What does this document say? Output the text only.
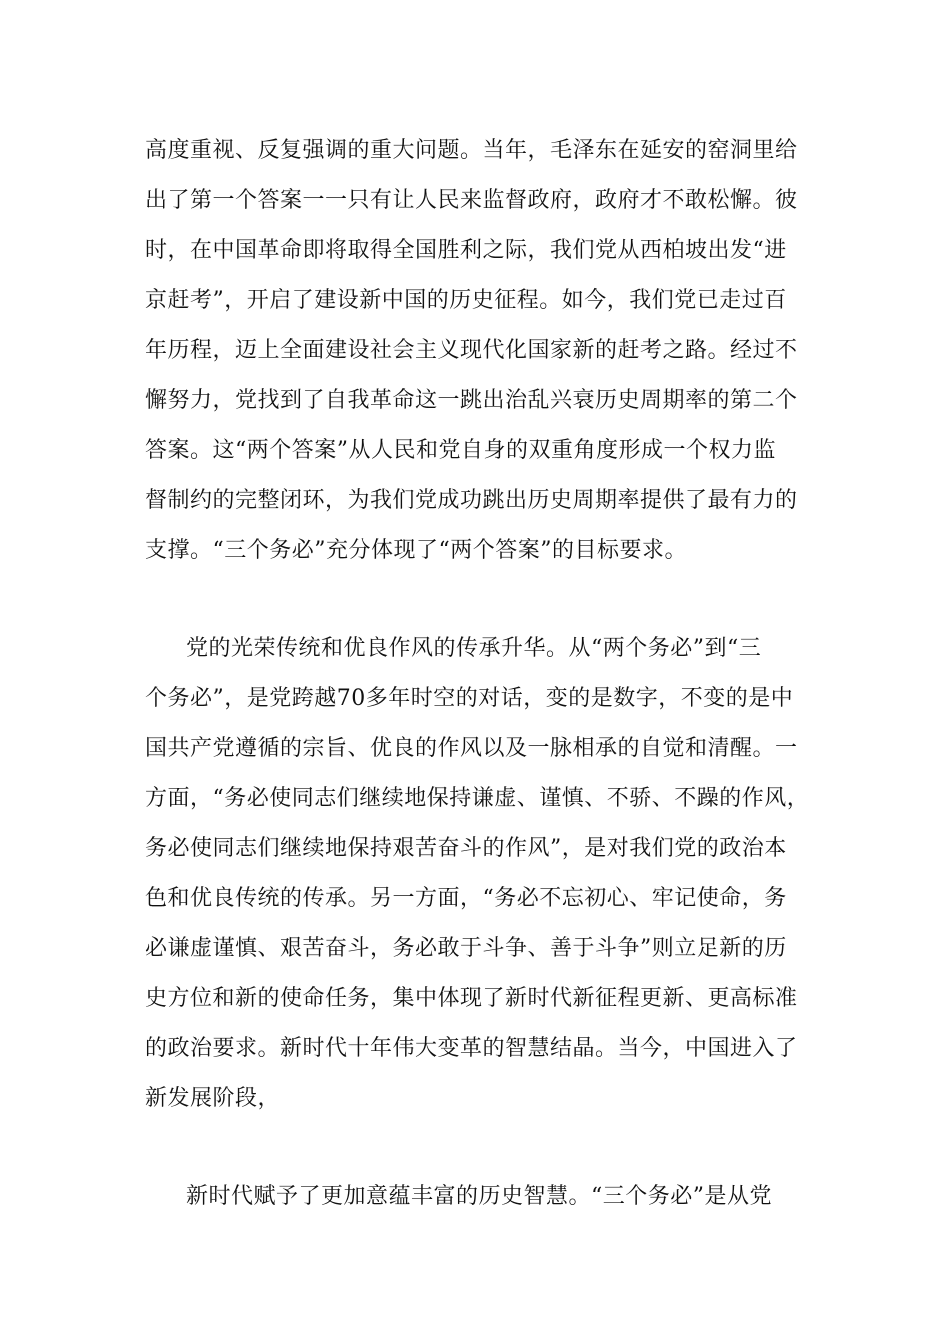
高度重视、反复强调的重大问题。当年，毛泽东在延安的窑洞里给
出了第一个答案一一只有让人民来监督政府，政府才不敢松懈。彼
时，在中国革命即将取得全国胜利之际，我们党从西柏坡出发“进
京赶考”，开启了建设新中国的历史征程。如今，我们党已走过百
年历程，迈上全面建设社会主义现代化国家新的赶考之路。经过不
懈努力，党找到了自我革命这一跳出治乱兴衰历史周期率的第二个
答案。这“两个答案”从人民和党自身的双重角度形成一个权力监
督制约的完整闭环，为我们党成功跳出历史周期率提供了最有力的
支撑。“三个务必”充分体现了“两个答案”的目标要求。
党的光荣传统和优良作风的传承升华。从“两个务必”到“三
个务必”，是党跨越70多年时空的对话，变的是数字，不变的是中
国共产党遵循的宗旨、优良的作风以及一脉相承的自觉和清醒。一
方面，“务必使同志们继续地保持谦虚、谨慎、不骄、不躁的作风，
务必使同志们继续地保持艰苦奋斗的作风”，是对我们党的政治本
色和优良传统的传承。另一方面，“务必不忘初心、牢记使命，务
必谦虚谨慎、艰苦奋斗，务必敢于斗争、善于斗争”则立足新的历
史方位和新的使命任务，集中体现了新时代新征程更新、更高标准
的政治要求。新时代十年伟大变革的智慧结晶。当今，中国进入了
新发展阶段，
新时代赋予了更加意蕴丰富的历史智慧。“三个务必”是从党
